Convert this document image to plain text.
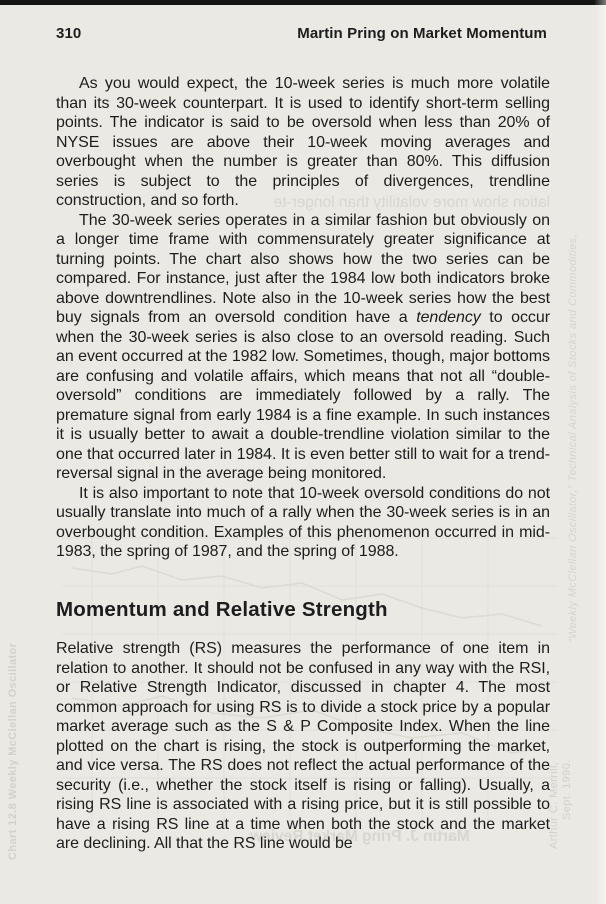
Chart 12.8 Weekly McClellan Oscillator
“Weekly McClellan Oscillator,” Technical Analysis of Stocks and Commodities,
Arthur C. Merrill, Sept. 1990.
lation show more volatility than longer-te
Martin J. Pring Market Review
310	Martin Pring on Market Momentum

As you would expect, the 10-week series is much more volatile than its 30-week counterpart. It is used to identify short-term selling points. The indicator is said to be oversold when less than 20% of NYSE issues are above their 10-week moving averages and overbought when the number is greater than 80%. This diffusion series is subject to the principles of divergences, trendline construction, and so forth.

The 30-week series operates in a similar fashion but obviously on a longer time frame with commensurately greater significance at turning points. The chart also shows how the two series can be compared. For instance, just after the 1984 low both indicators broke above downtrendlines. Note also in the 10-week series how the best buy signals from an oversold condition have a tendency to occur when the 30-week series is also close to an oversold reading. Such an event occurred at the 1982 low. Sometimes, though, major bottoms are confusing and volatile affairs, which means that not all “double-oversold” conditions are immediately followed by a rally. The premature signal from early 1984 is a fine example. In such instances it is usually better to await a double-trendline violation similar to the one that occurred later in 1984. It is even better still to wait for a trend-reversal signal in the average being monitored.

It is also important to note that 10-week oversold conditions do not usually translate into much of a rally when the 30-week series is in an overbought condition. Examples of this phenomenon occurred in mid-1983, the spring of 1987, and the spring of 1988.

Momentum and Relative Strength

Relative strength (RS) measures the performance of one item in relation to another. It should not be confused in any way with the RSI, or Relative Strength Indicator, discussed in chapter 4. The most common approach for using RS is to divide a stock price by a popular market average such as the S & P Composite Index. When the line plotted on the chart is rising, the stock is outperforming the market, and vice versa. The RS does not reflect the actual performance of the security (i.e., whether the stock itself is rising or falling). Usually, a rising RS line is associated with a rising price, but it is still possible to have a rising RS line at a time when both the stock and the market are declining. All that the RS line would be
